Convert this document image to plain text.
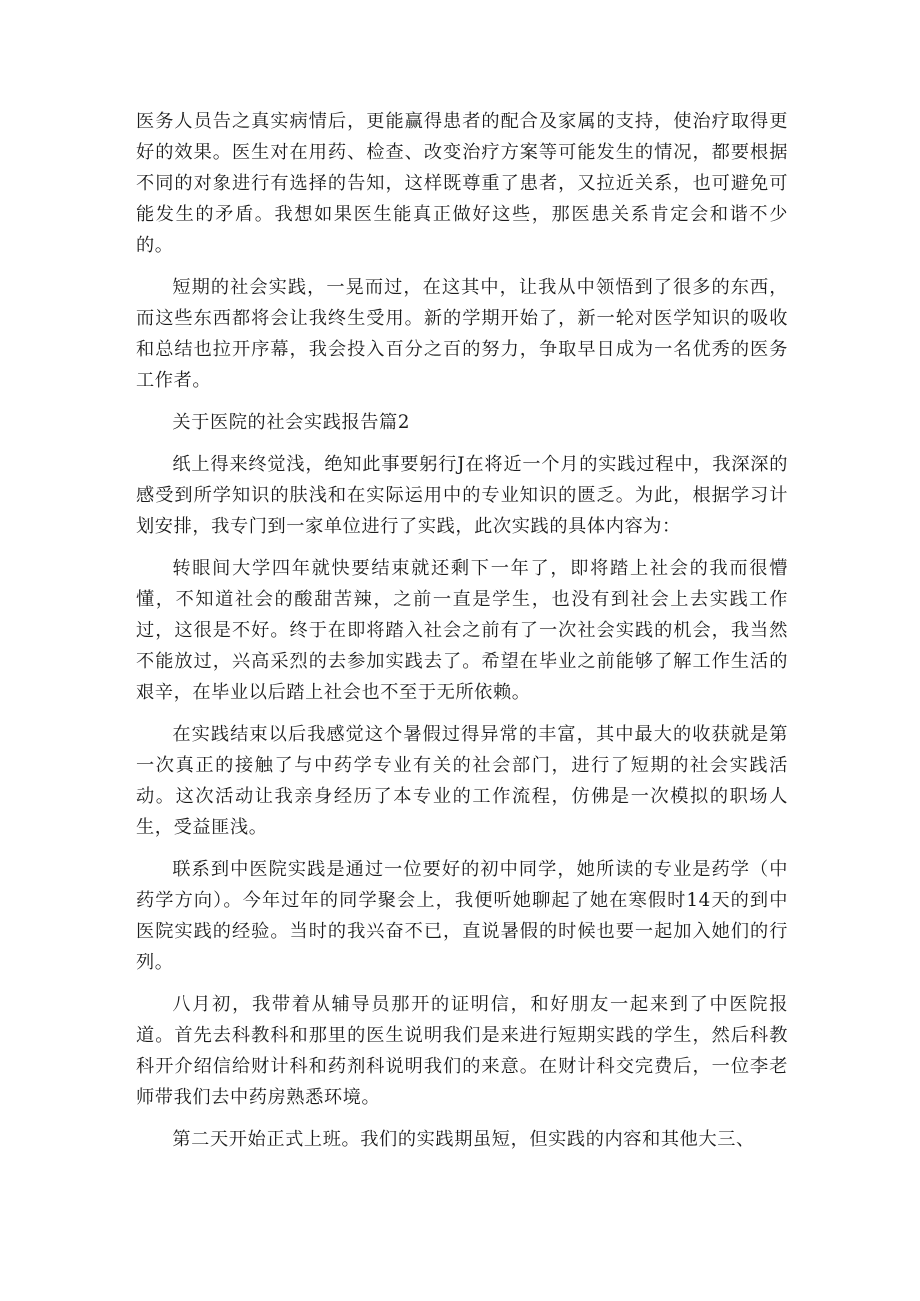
医务人员告之真实病情后，更能赢得患者的配合及家属的支持，使治疗取得更好的效果。医生对在用药、检查、改变治疗方案等可能发生的情况，都要根据不同的对象进行有选择的告知，这样既尊重了患者，又拉近关系，也可避免可能发生的矛盾。我想如果医生能真正做好这些，那医患关系肯定会和谐不少的。

短期的社会实践，一晃而过，在这其中，让我从中领悟到了很多的东西，而这些东西都将会让我终生受用。新的学期开始了，新一轮对医学知识的吸收和总结也拉开序幕，我会投入百分之百的努力，争取早日成为一名优秀的医务工作者。

关于医院的社会实践报告篇2

纸上得来终觉浅，绝知此事要躬行J在将近一个月的实践过程中，我深深的感受到所学知识的肤浅和在实际运用中的专业知识的匮乏。为此，根据学习计划安排，我专门到一家单位进行了实践，此次实践的具体内容为：

转眼间大学四年就快要结束就还剩下一年了，即将踏上社会的我而很懵懂，不知道社会的酸甜苦辣，之前一直是学生，也没有到社会上去实践工作过，这很是不好。终于在即将踏入社会之前有了一次社会实践的机会，我当然不能放过，兴高采烈的去参加实践去了。希望在毕业之前能够了解工作生活的艰辛，在毕业以后踏上社会也不至于无所依赖。

在实践结束以后我感觉这个暑假过得异常的丰富，其中最大的收获就是第一次真正的接触了与中药学专业有关的社会部门，进行了短期的社会实践活动。这次活动让我亲身经历了本专业的工作流程，仿佛是一次模拟的职场人生，受益匪浅。

联系到中医院实践是通过一位要好的初中同学，她所读的专业是药学（中药学方向）。今年过年的同学聚会上，我便听她聊起了她在寒假时14天的到中医院实践的经验。当时的我兴奋不已，直说暑假的时候也要一起加入她们的行列。

八月初，我带着从辅导员那开的证明信，和好朋友一起来到了中医院报道。首先去科教科和那里的医生说明我们是来进行短期实践的学生，然后科教科开介绍信给财计科和药剂科说明我们的来意。在财计科交完费后，一位李老师带我们去中药房熟悉环境。

第二天开始正式上班。我们的实践期虽短，但实践的内容和其他大三、
